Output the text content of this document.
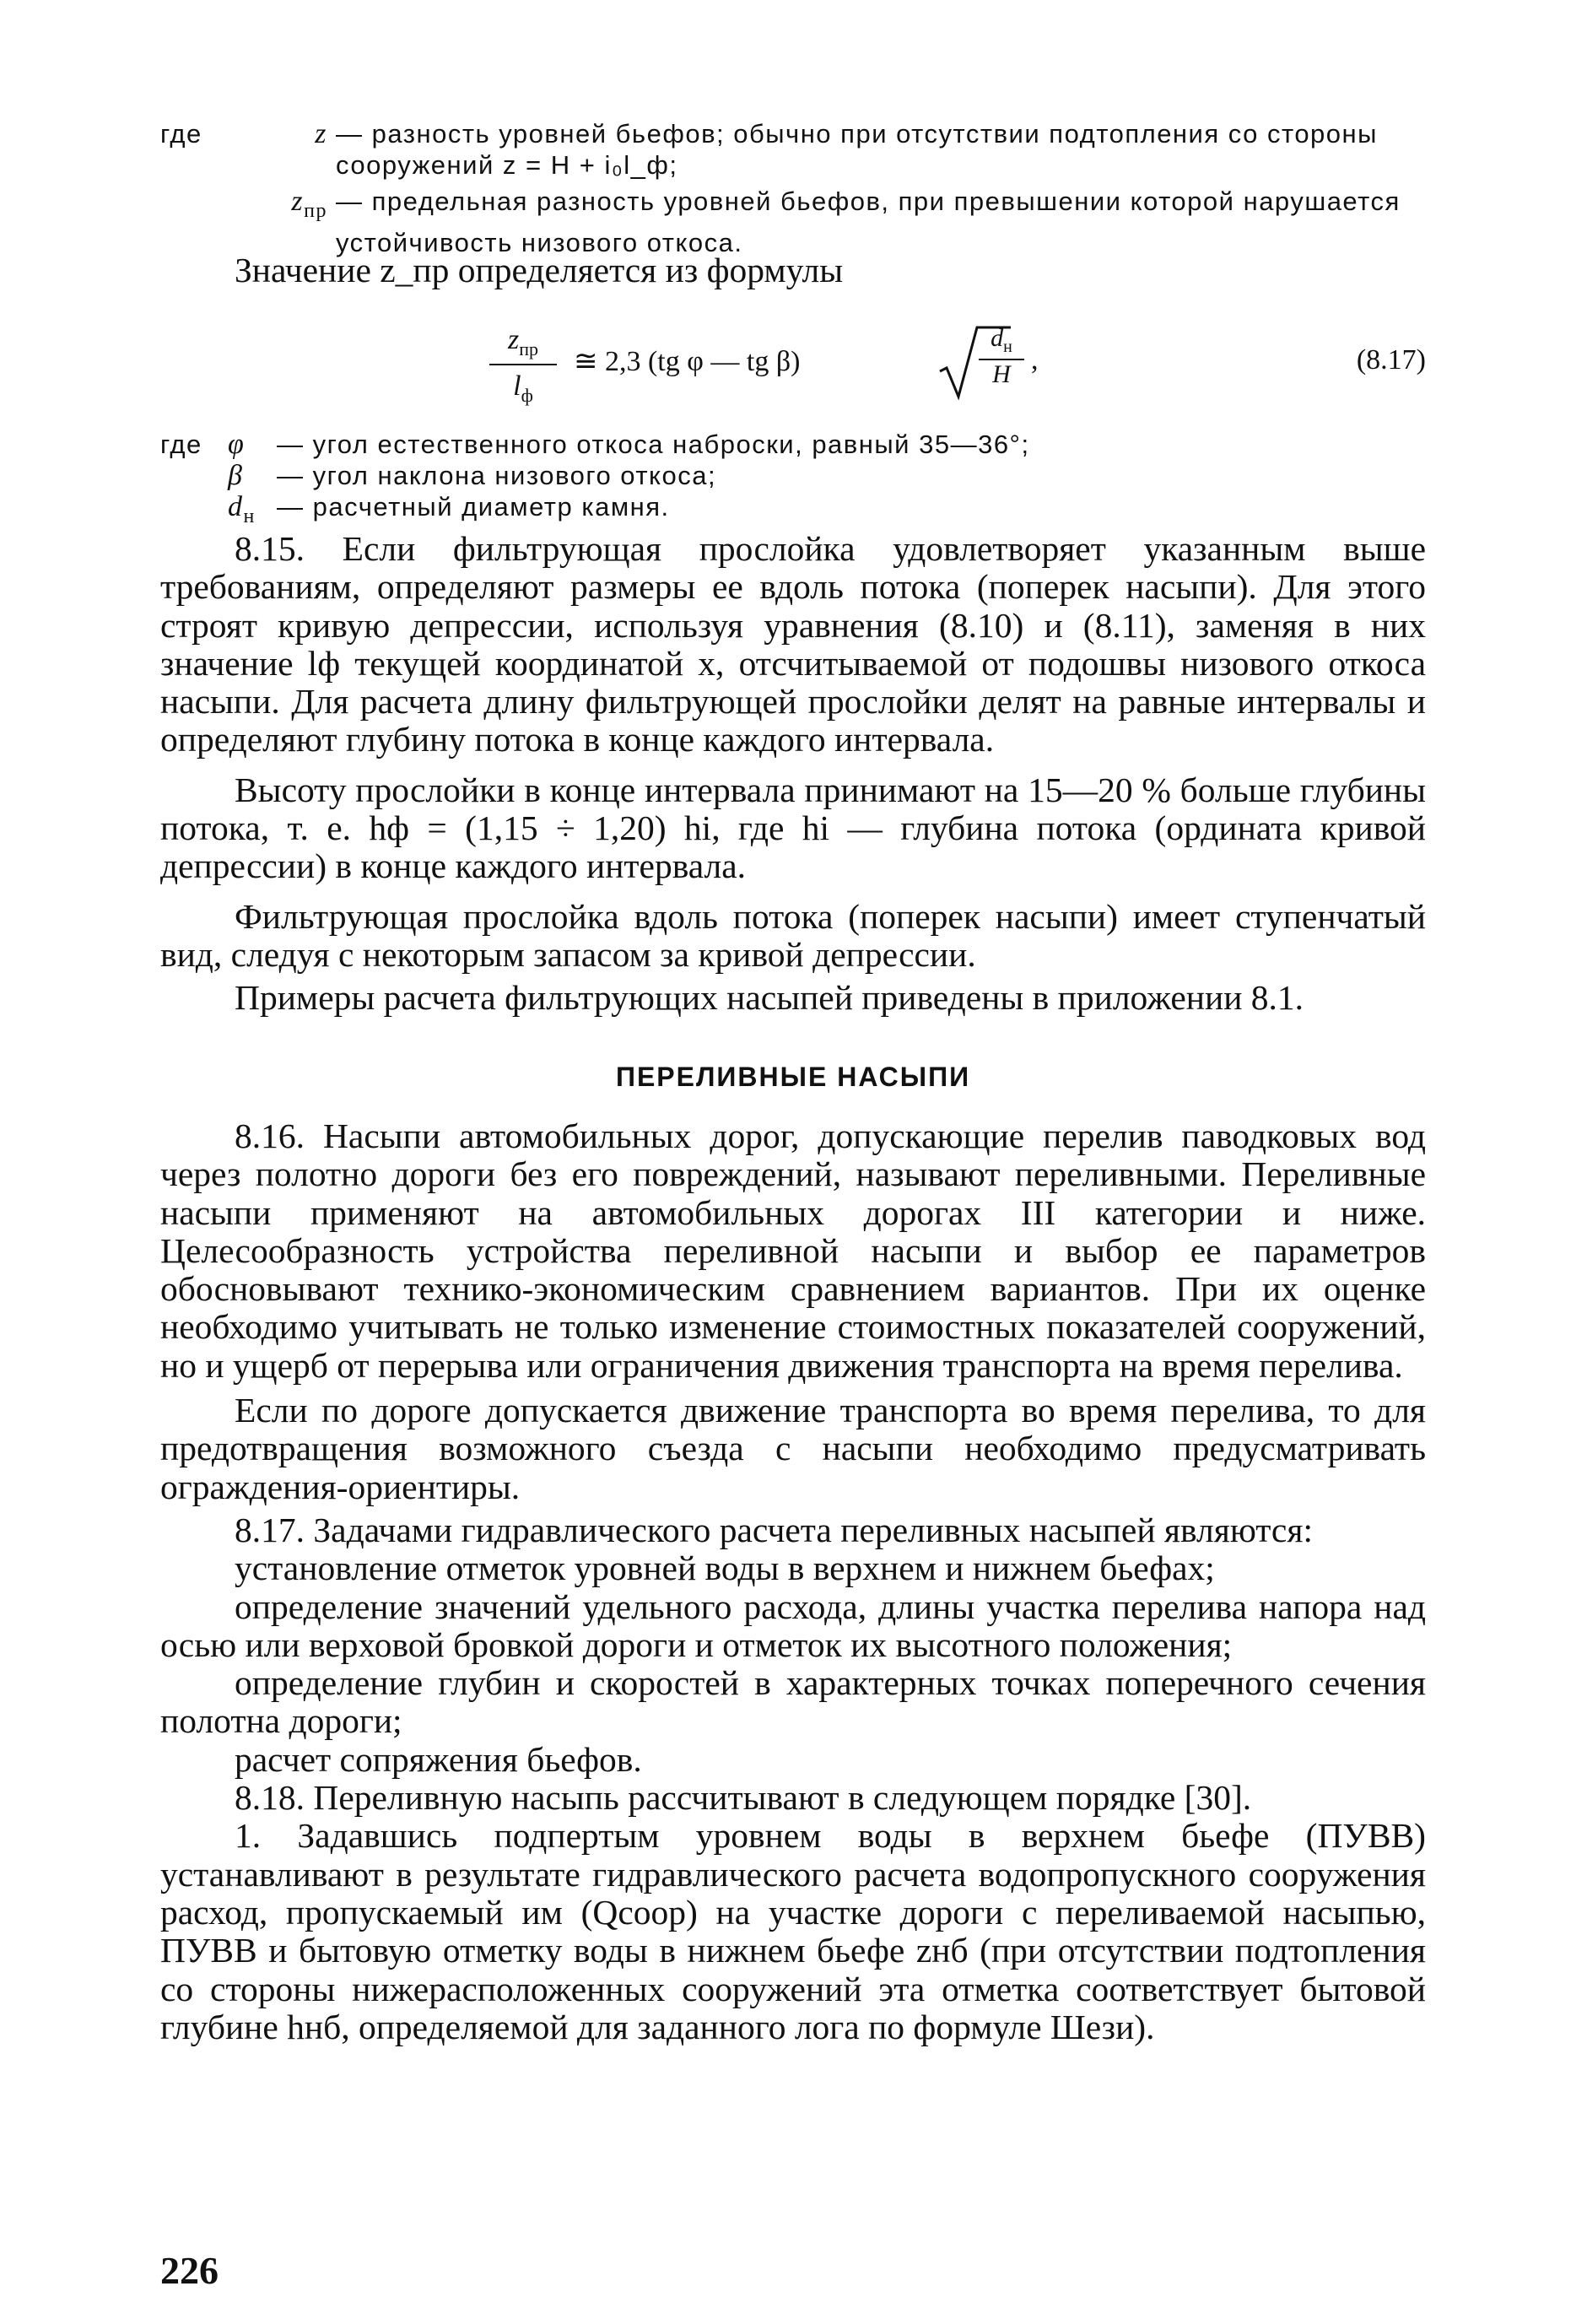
где	z — разность уровней бьефов; обычно при отсутствии подтопления со стороны
сооружений z = H + i₀l_ф;
$z_{пр}$ — предельная разность уровней бьефов, при превышении которой нарушается
устойчивость низового откоса.

Значение z_пр определяется из формулы

$z_{пр}$
$l_ф$
≅ 2,3 (tg φ — tg β)
$d_н$
H ,	(8.17)
где φ	— угол естественного откоса наброски, равный 35—36°;
β	— угол наклона низового откоса;
$d_н$ — расчетный диаметр камня.

8.15. Если фильтрующая прослойка удовлетворяет указанным выше требованиям, определяют размеры ее вдоль потока (поперек насыпи). Для этого строят кривую депрессии, используя уравнения (8.10) и (8.11), заменяя в них значение lф текущей координатой x, отсчитываемой от подошвы низового откоса насыпи. Для расчета длину фильтрующей прослойки делят на равные интервалы и определяют глубину потока в конце каждого интервала.

Высоту прослойки в конце интервала принимают на 15—20 % больше глубины потока, т. е. hф = (1,15 ÷ 1,20) hi, где hi — глубина потока (ордината кривой депрессии) в конце каждого интервала.

Фильтрующая прослойка вдоль потока (поперек насыпи) имеет ступенчатый вид, следуя с некоторым запасом за кривой депрессии.

Примеры расчета фильтрующих насыпей приведены в приложении 8.1.

ПЕРЕЛИВНЫЕ НАСЫПИ

8.16. Насыпи автомобильных дорог, допускающие перелив паводковых вод через полотно дороги без его повреждений, называют переливными. Переливные насыпи применяют на автомобильных дорогах III категории и ниже. Целесообразность устройства переливной насыпи и выбор ее параметров обосновывают технико-экономическим сравнением вариантов. При их оценке необходимо учитывать не только изменение стоимостных показателей сооружений, но и ущерб от перерыва или ограничения движения транспорта на время перелива.

Если по дороге допускается движение транспорта во время перелива, то для предотвращения возможного съезда с насыпи необходимо предусматривать ограждения-ориентиры.

8.17. Задачами гидравлического расчета переливных насыпей являются:

установление отметок уровней воды в верхнем и нижнем бьефах;

определение значений удельного расхода, длины участка перелива напора над осью или верховой бровкой дороги и отметок их высотного положения;

определение глубин и скоростей в характерных точках поперечного сечения полотна дороги;

расчет сопряжения бьефов.

8.18. Переливную насыпь рассчитывают в следующем порядке [30].

1. Задавшись подпертым уровнем воды в верхнем бьефе (ПУВВ) устанавливают в результате гидравлического расчета водопропускного сооружения расход, пропускаемый им (Qсоор) на участке дороги с переливаемой насыпью, ПУВВ и бытовую отметку воды в нижнем бьефе zнб (при отсутствии подтопления со стороны нижерасположенных сооружений эта отметка соответствует бытовой глубине hнб, определяемой для заданного лога по формуле Шези).

226
